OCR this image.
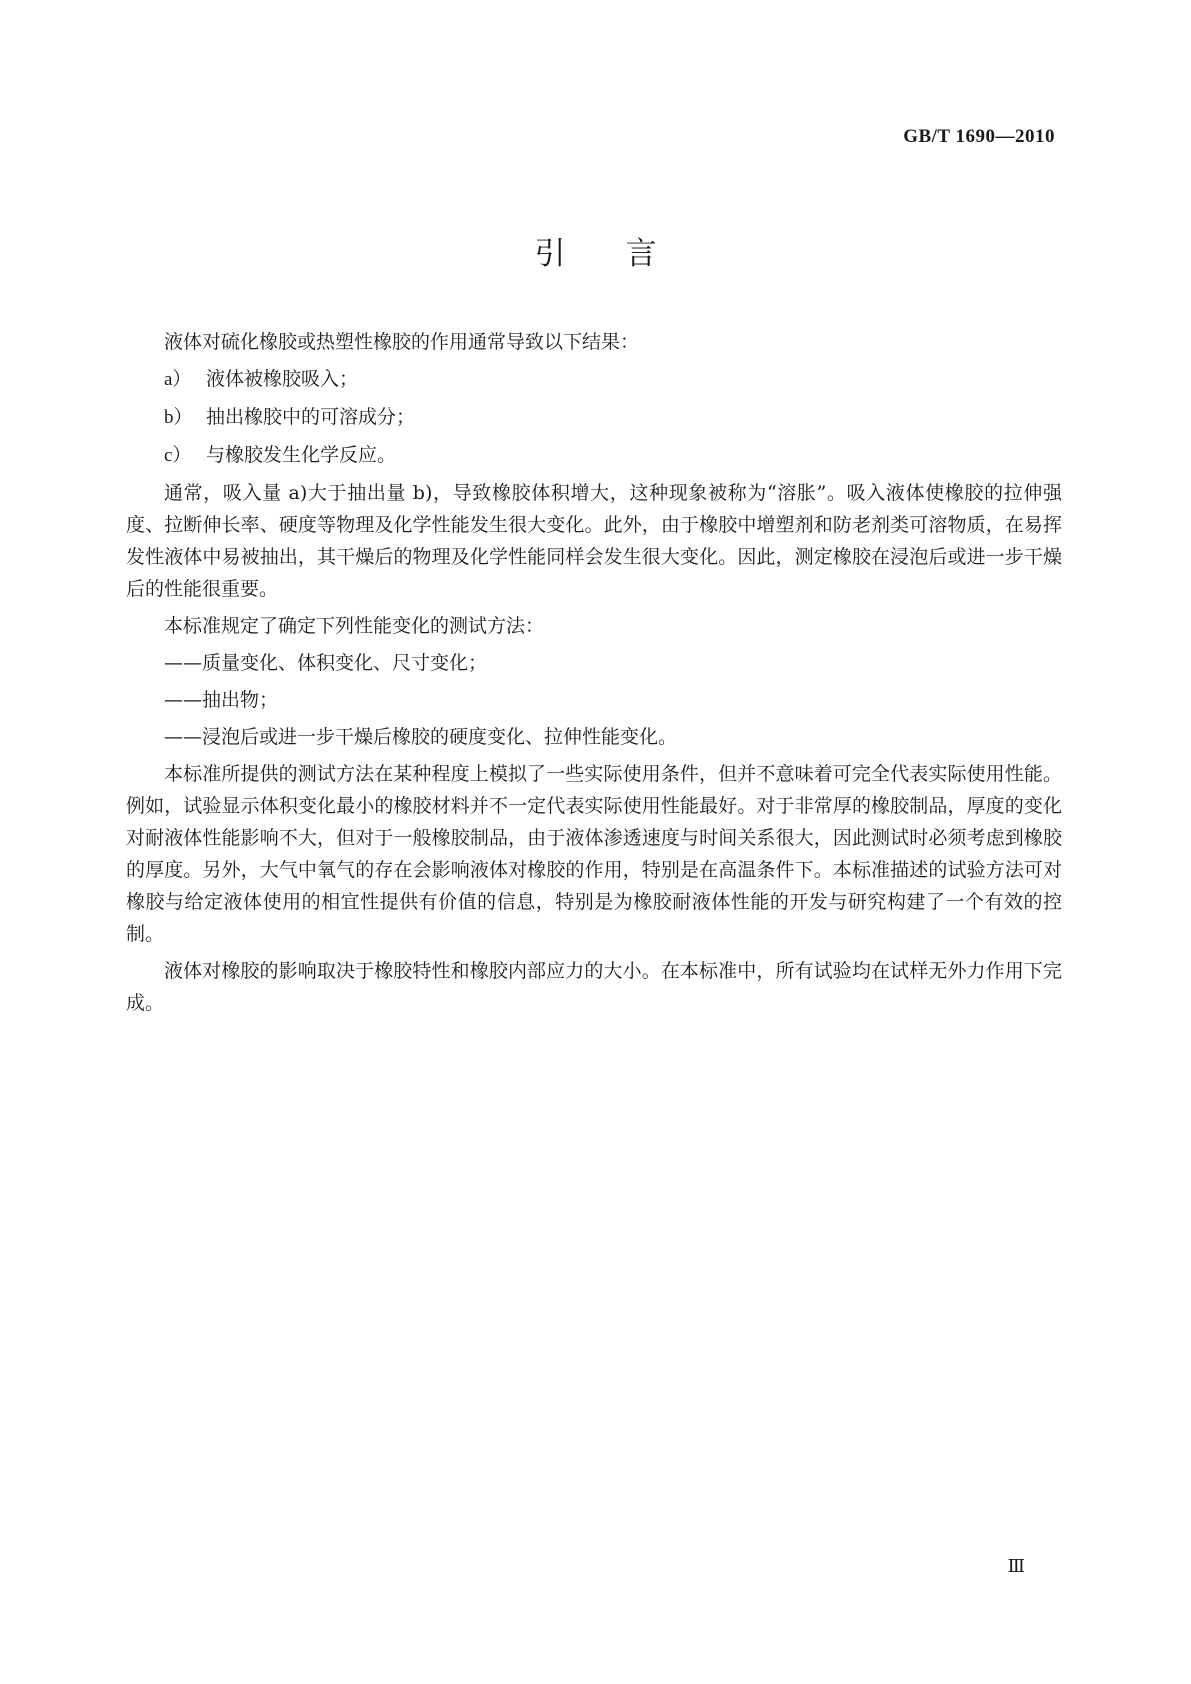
GB/T 1690—2010
引言

液体对硫化橡胶或热塑性橡胶的作用通常导致以下结果：

a） 液体被橡胶吸入；
b） 抽出橡胶中的可溶成分；
c） 与橡胶发生化学反应。

通常，吸入量 a)大于抽出量 b)，导致橡胶体积增大，这种现象被称为“溶胀”。吸入液体使橡胶的拉伸强度、拉断伸长率、硬度等物理及化学性能发生很大变化。此外，由于橡胶中增塑剂和防老剂类可溶物质，在易挥发性液体中易被抽出，其干燥后的物理及化学性能同样会发生很大变化。因此，测定橡胶在浸泡后或进一步干燥后的性能很重要。

本标准规定了确定下列性能变化的测试方法：

——质量变化、体积变化、尺寸变化；
——抽出物；
——浸泡后或进一步干燥后橡胶的硬度变化、拉伸性能变化。

本标准所提供的测试方法在某种程度上模拟了一些实际使用条件，但并不意味着可完全代表实际使用性能。例如，试验显示体积变化最小的橡胶材料并不一定代表实际使用性能最好。对于非常厚的橡胶制品，厚度的变化对耐液体性能影响不大，但对于一般橡胶制品，由于液体渗透速度与时间关系很大，因此测试时必须考虑到橡胶的厚度。另外，大气中氧气的存在会影响液体对橡胶的作用，特别是在高温条件下。本标准描述的试验方法可对橡胶与给定液体使用的相宜性提供有价值的信息，特别是为橡胶耐液体性能的开发与研究构建了一个有效的控制。

液体对橡胶的影响取决于橡胶特性和橡胶内部应力的大小。在本标准中，所有试验均在试样无外力作用下完成。

Ⅲ
